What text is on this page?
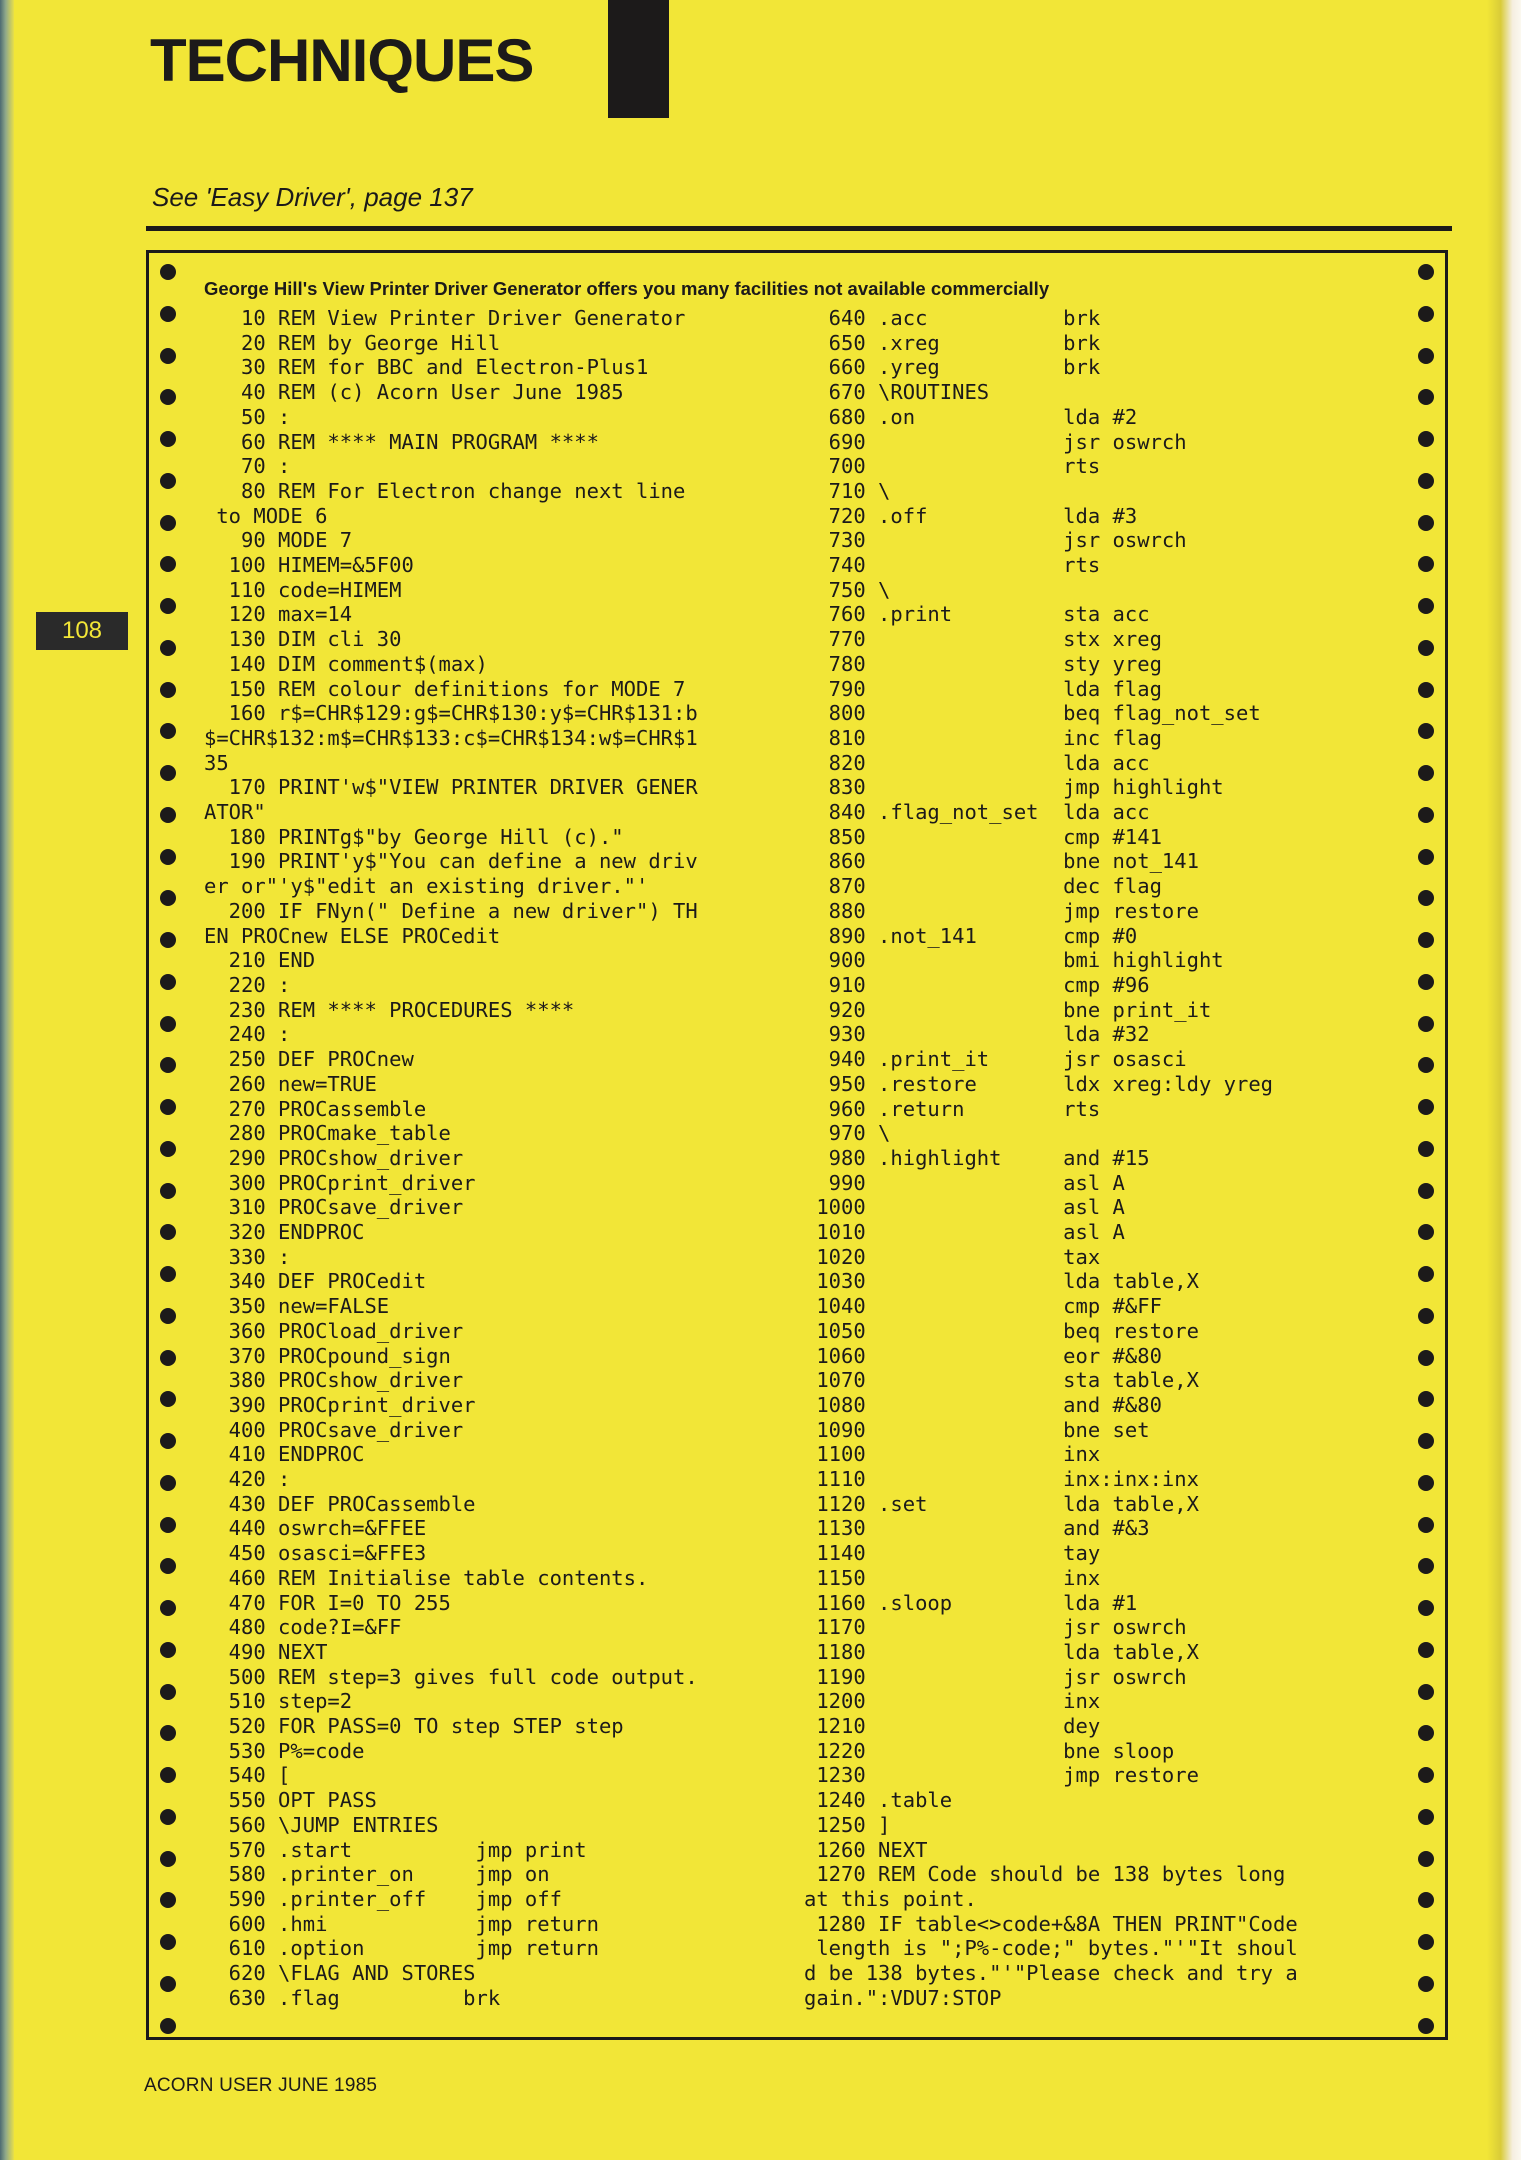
TECHNIQUES
See 'Easy Driver', page 137
108
George Hill's View Printer Driver Generator offers you many facilities not available commercially
10 REM View Printer Driver Generator
20 REM by George Hill
30 REM for BBC and Electron-Plus1
40 REM (c) Acorn User June 1985
50 :
60 REM **** MAIN PROGRAM ****
70 :
80 REM For Electron change next line
to MODE 6
90 MODE 7
100 HIMEM=&5F00
110 code=HIMEM
120 max=14
130 DIM cli 30
140 DIM comment$(max)
150 REM colour definitions for MODE 7
160 r$=CHR$129:g$=CHR$130:y$=CHR$131:b
$=CHR$132:m$=CHR$133:c$=CHR$134:w$=CHR$1
35
170 PRINT'w$"VIEW PRINTER DRIVER GENER
ATOR"
180 PRINTg$"by George Hill (c)."
190 PRINT'y$"You can define a new driv
er or"'y$"edit an existing driver."'
200 IF FNyn(" Define a new driver") TH
EN PROCnew ELSE PROCedit
210 END
220 :
230 REM **** PROCEDURES ****
240 :
250 DEF PROCnew
260 new=TRUE
270 PROCassemble
280 PROCmake_table
290 PROCshow_driver
300 PROCprint_driver
310 PROCsave_driver
320 ENDPROC
330 :
340 DEF PROCedit
350 new=FALSE
360 PROCload_driver
370 PROCpound_sign
380 PROCshow_driver
390 PROCprint_driver
400 PROCsave_driver
410 ENDPROC
420 :
430 DEF PROCassemble
440 oswrch=&FFEE
450 osasci=&FFE3
460 REM Initialise table contents.
470 FOR I=0 TO 255
480 code?I=&FF
490 NEXT
500 REM step=3 gives full code output.
510 step=2
520 FOR PASS=0 TO step STEP step
530 P%=code
540 [
550 OPT PASS
560 \JUMP ENTRIES
570 .start          jmp print
580 .printer_on     jmp on
590 .printer_off    jmp off
600 .hmi            jmp return
610 .option         jmp return
620 \FLAG AND STORES
630 .flag          brk
640 .acc           brk
650 .xreg          brk
660 .yreg          brk
670 \ROUTINES
680 .on            lda #2
690                jsr oswrch
700                rts
710 \
720 .off           lda #3
730                jsr oswrch
740                rts
750 \
760 .print         sta acc
770                stx xreg
780                sty yreg
790                lda flag
800                beq flag_not_set
810                inc flag
820                lda acc
830                jmp highlight
840 .flag_not_set  lda acc
850                cmp #141
860                bne not_141
870                dec flag
880                jmp restore
890 .not_141       cmp #0
900                bmi highlight
910                cmp #96
920                bne print_it
930                lda #32
940 .print_it      jsr osasci
950 .restore       ldx xreg:ldy yreg
960 .return        rts
970 \
980 .highlight     and #15
990                asl A
1000                asl A
1010                asl A
1020                tax
1030                lda table,X
1040                cmp #&FF
1050                beq restore
1060                eor #&80
1070                sta table,X
1080                and #&80
1090                bne set
1100                inx
1110                inx:inx:inx
1120 .set           lda table,X
1130                and #&3
1140                tay
1150                inx
1160 .sloop         lda #1
1170                jsr oswrch
1180                lda table,X
1190                jsr oswrch
1200                inx
1210                dey
1220                bne sloop
1230                jmp restore
1240 .table
1250 ]
1260 NEXT
1270 REM Code should be 138 bytes long
at this point.
1280 IF table<>code+&8A THEN PRINT"Code
length is ";P%-code;" bytes."'"It shoul
d be 138 bytes."'"Please check and try a
gain.":VDU7:STOP
ACORN USER JUNE 1985
